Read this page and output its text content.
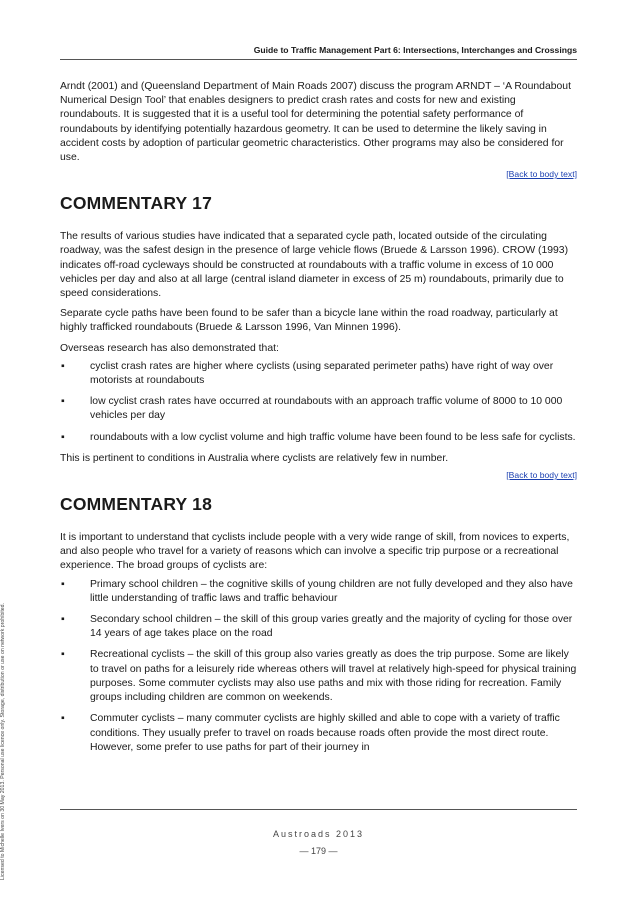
Guide to Traffic Management Part 6: Intersections, Interchanges and Crossings

Arndt (2001) and (Queensland Department of Main Roads 2007) discuss the program ARNDT – ‘A Roundabout Numerical Design Tool’ that enables designers to predict crash rates and costs for new and existing roundabouts. It is suggested that it is a useful tool for determining the potential safety performance of roundabouts by identifying potentially hazardous geometry. It can be used to determine the likely saving in accident costs by adoption of particular geometric characteristics. Other programs may also be considered for use.

[Back to body text]
COMMENTARY 17

The results of various studies have indicated that a separated cycle path, located outside of the circulating roadway, was the safest design in the presence of large vehicle flows (Bruede & Larsson 1996). CROW (1993) indicates off-road cycleways should be constructed at roundabouts with a traffic volume in excess of 10 000 vehicles per day and also at all large (central island diameter in excess of 25 m) roundabouts, primarily due to speed considerations.

Separate cycle paths have been found to be safer than a bicycle lane within the road roadway, particularly at highly trafficked roundabouts (Bruede & Larsson 1996, Van Minnen 1996).

Overseas research has also demonstrated that:

▪ cyclist crash rates are higher where cyclists (using separated perimeter paths) have right of way over motorists at roundabouts
▪ low cyclist crash rates have occurred at roundabouts with an approach traffic volume of 8000 to 10 000 vehicles per day
▪ roundabouts with a low cyclist volume and high traffic volume have been found to be less safe for cyclists.

This is pertinent to conditions in Australia where cyclists are relatively few in number.

[Back to body text]
COMMENTARY 18

It is important to understand that cyclists include people with a very wide range of skill, from novices to experts, and also people who travel for a variety of reasons which can involve a specific trip purpose or a recreational experience. The broad groups of cyclists are:

▪ Primary school children – the cognitive skills of young children are not fully developed and they also have little understanding of traffic laws and traffic behaviour
▪ Secondary school children – the skill of this group varies greatly and the majority of cycling for those over 14 years of age takes place on the road
▪ Recreational cyclists – the skill of this group also varies greatly as does the trip purpose. Some are likely to travel on paths for a leisurely ride whereas others will travel at relatively high-speed for physical training purposes. Some commuter cyclists may also use paths and mix with those riding for recreation. Family groups including children are common on weekends.
▪ Commuter cyclists – many commuter cyclists are highly skilled and able to cope with a variety of traffic conditions. They usually prefer to travel on roads because roads often provide the most direct route. However, some prefer to use paths for part of their journey in
Austroads 2013
— 179 —
Licensed to Michelle Ivers on 30 May 2013. Personal use licence only. Storage, distribution or use on network prohibited.
